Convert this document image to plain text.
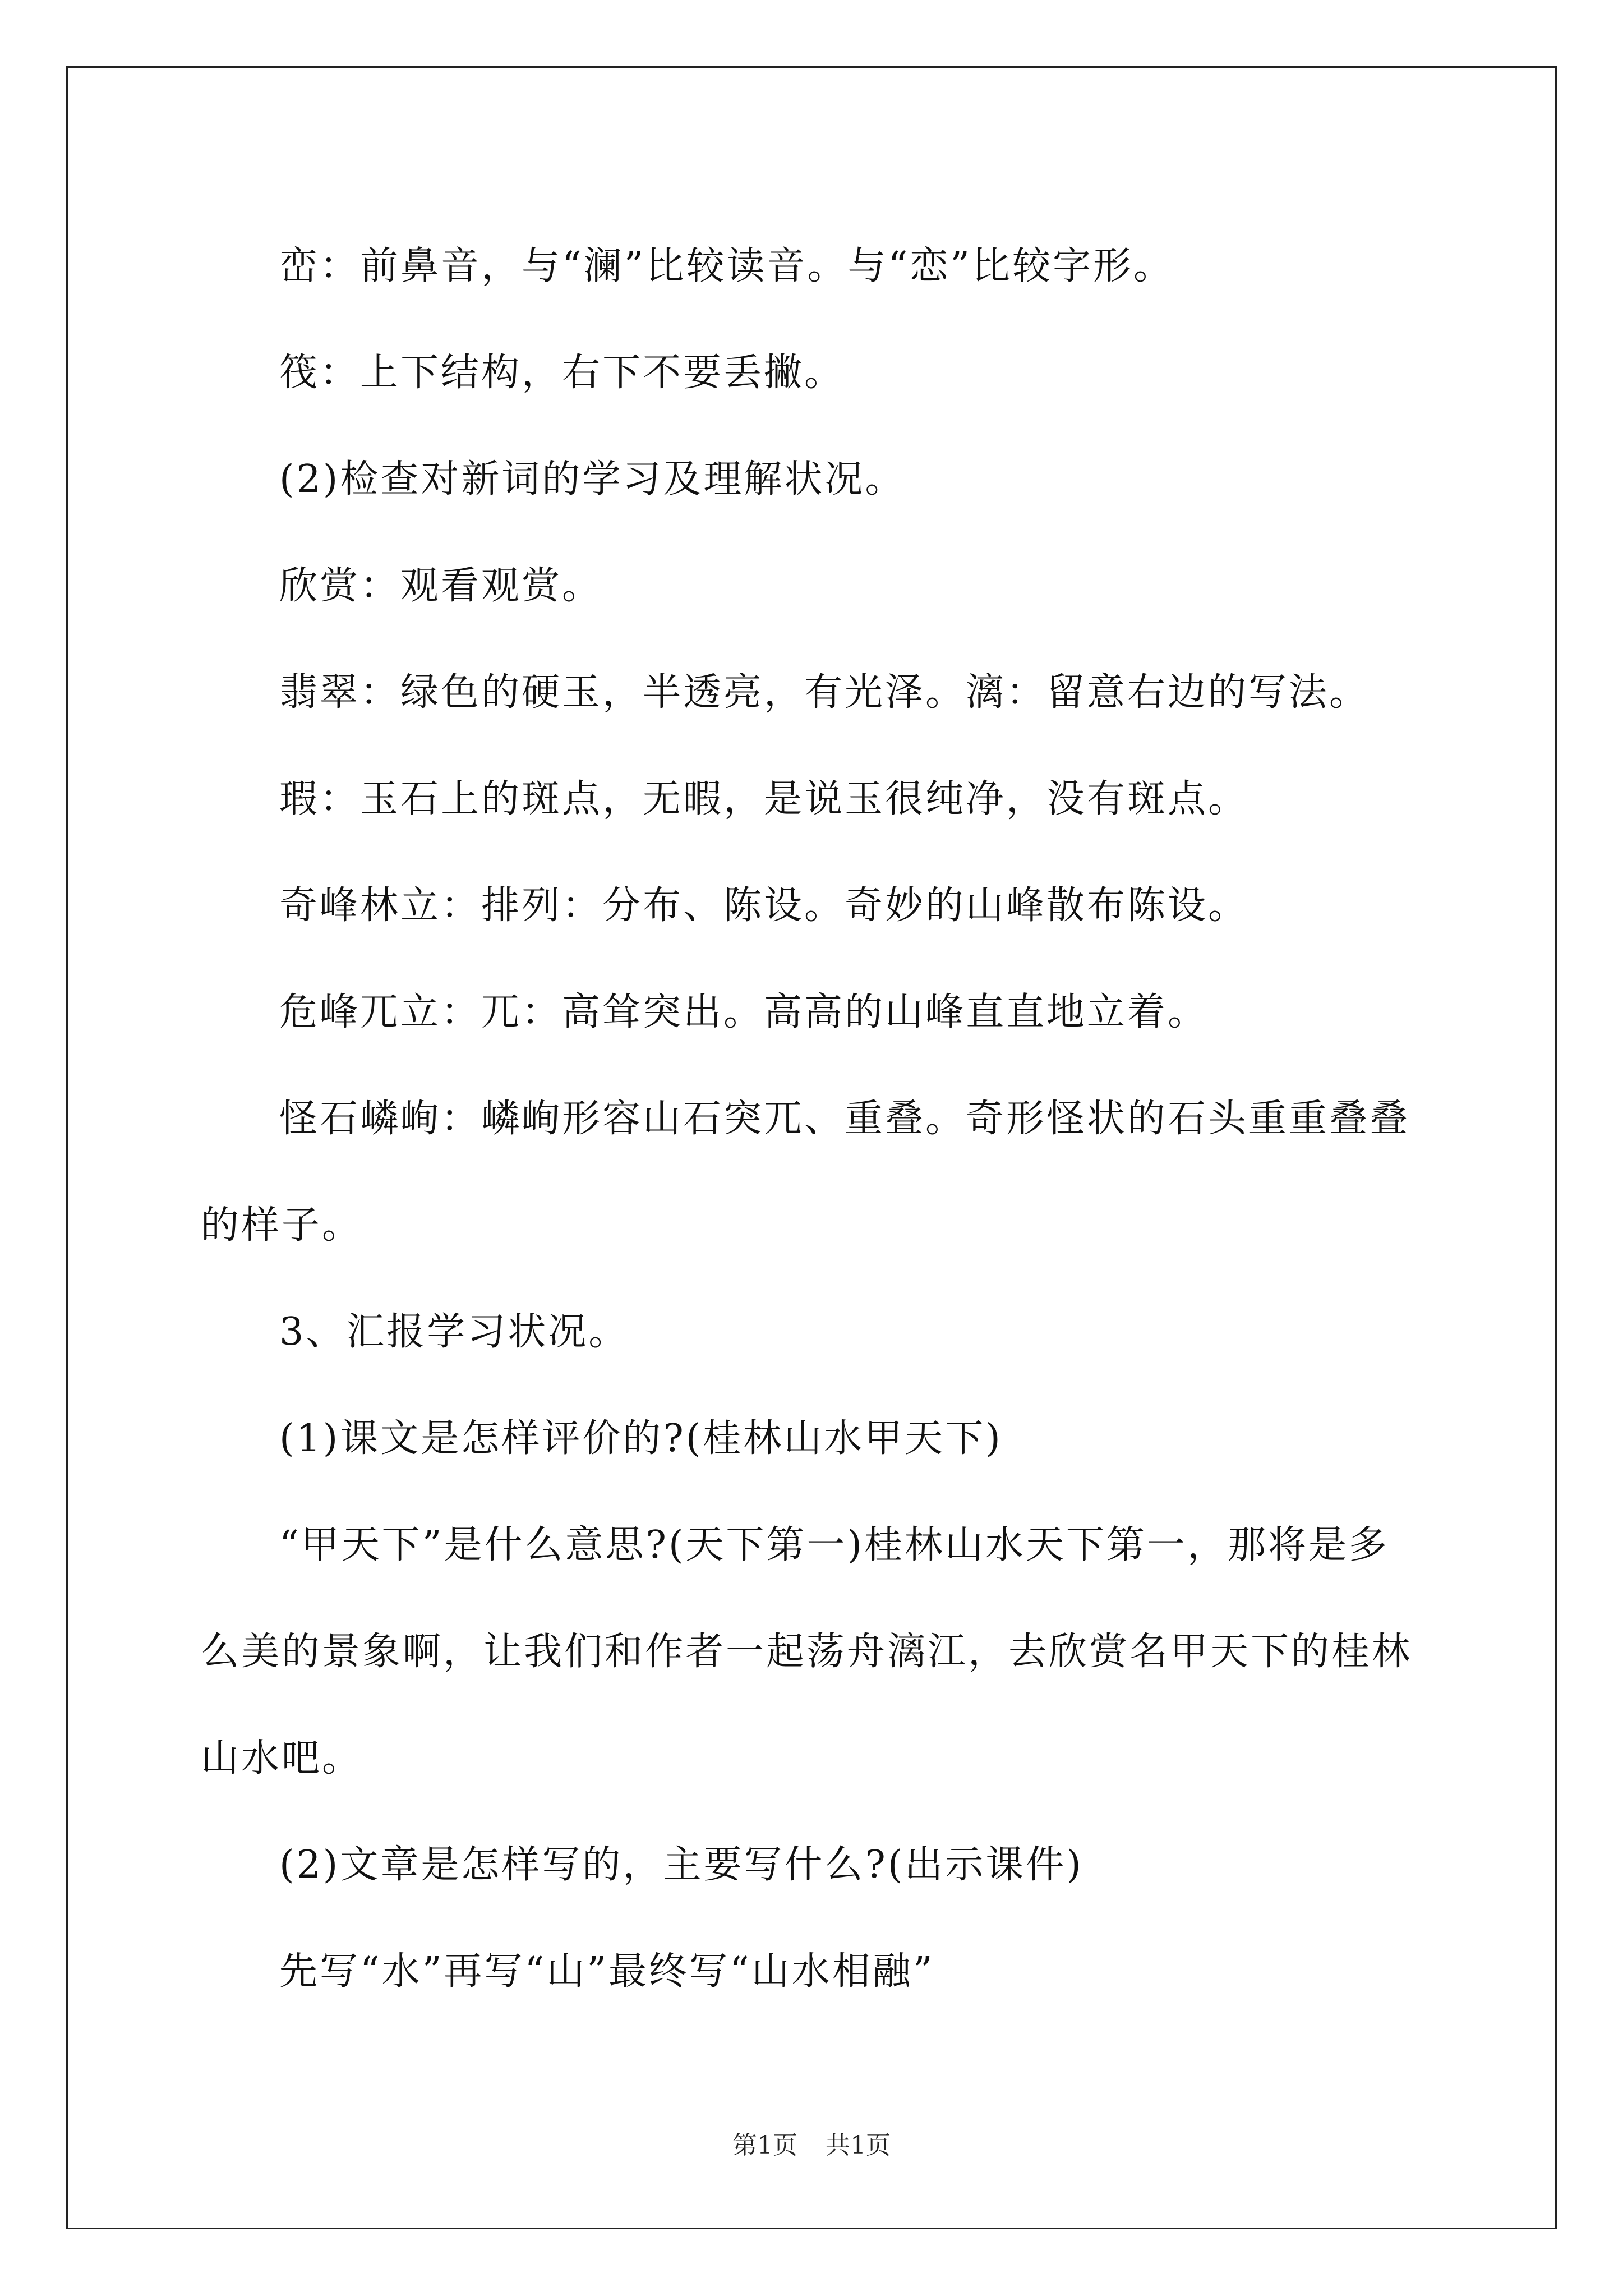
峦：前鼻音，与“澜”比较读音。与“恋”比较字形。

筏：上下结构，右下不要丢撇。

(2)检查对新词的学习及理解状况。

欣赏：观看观赏。

翡翠：绿色的硬玉，半透亮，有光泽。漓：留意右边的写法。

瑕：玉石上的斑点，无暇，是说玉很纯净，没有斑点。

奇峰林立：排列：分布、陈设。奇妙的山峰散布陈设。

危峰兀立：兀：高耸突出。高高的山峰直直地立着。

怪石嶙峋：嶙峋形容山石突兀、重叠。奇形怪状的石头重重叠叠

的样子。

3、汇报学习状况。

(1)课文是怎样评价的?(桂林山水甲天下)

“甲天下”是什么意思?(天下第一)桂林山水天下第一，那将是多

么美的景象啊，让我们和作者一起荡舟漓江，去欣赏名甲天下的桂林

山水吧。

(2)文章是怎样写的，主要写什么?(出示课件)

先写“水”再写“山”最终写“山水相融”

第1页 共1页
